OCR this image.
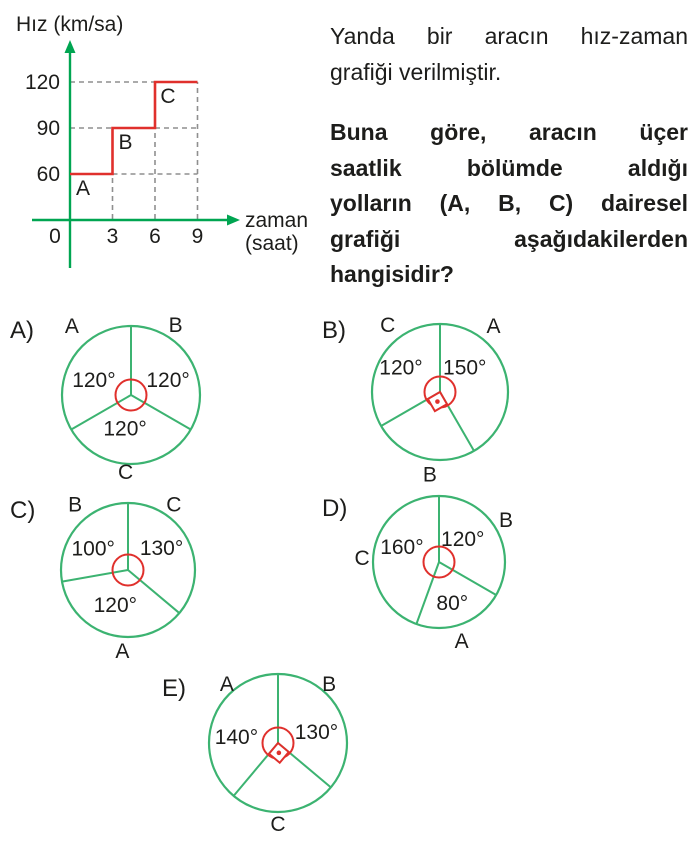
60
90
120
0 3 6 9
A
B
C
Hız (km/sa)
zaman
(saat)
A	B
C
120° 120°
120°
C	A
B
120° 150°
B	C
A
100° 130°
120°
B
C
A
160° 120°
80°
A	B
C
140° 130°
Yanda bir aracın hız-zaman
grafiği verilmiştir.
Buna göre, aracın üçer
saatlik bölümde aldığı
yolların (A, B, C) dairesel
grafiği aşağıdakilerden
hangisidir?
A)	B)
C)	D)
E)
